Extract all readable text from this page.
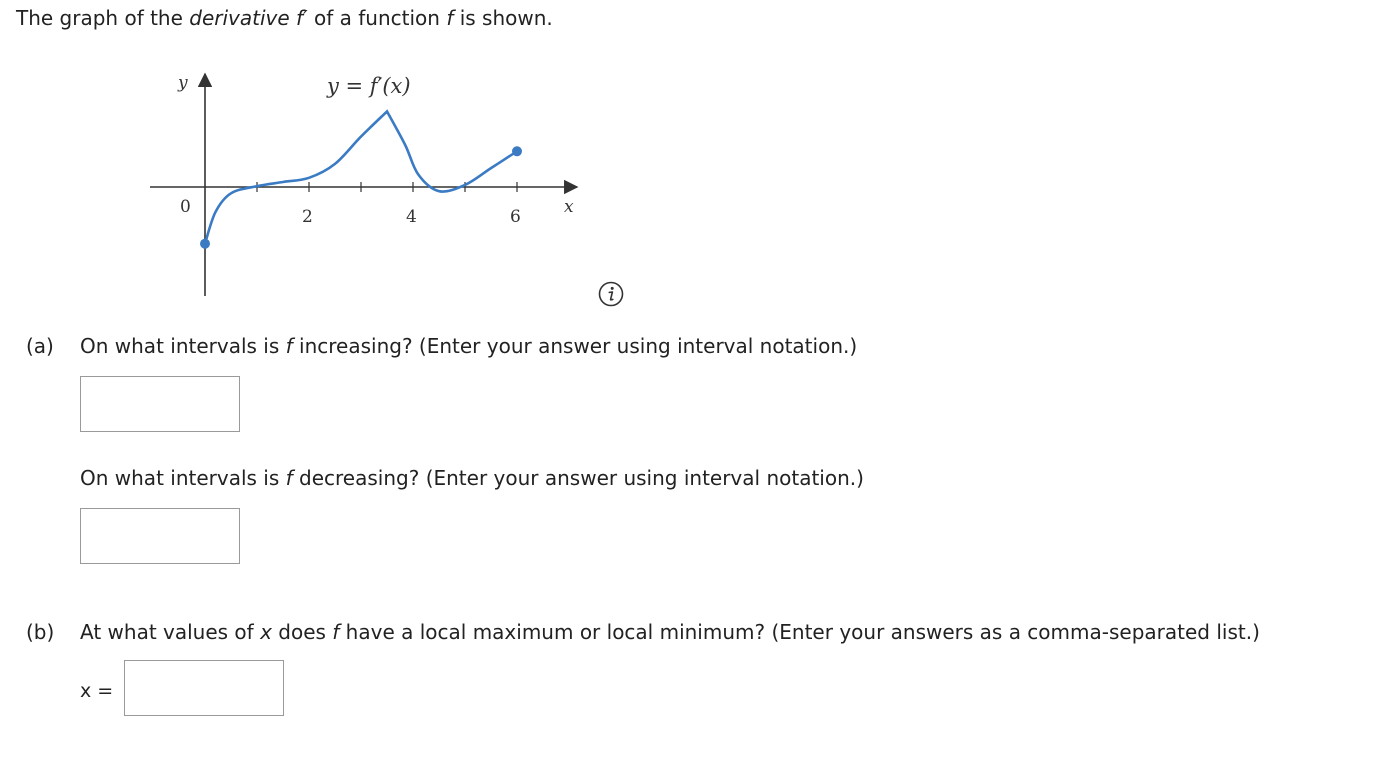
The graph of the derivative f′ of a function f is shown.
y	y = f′(x)
0	2	4	6	x
(a) On what intervals is f increasing? (Enter your answer using interval notation.)
On what intervals is f decreasing? (Enter your answer using interval notation.)
(b) At what values of x does f have a local maximum or local minimum? (Enter your answers as a comma-separated list.)
x =
